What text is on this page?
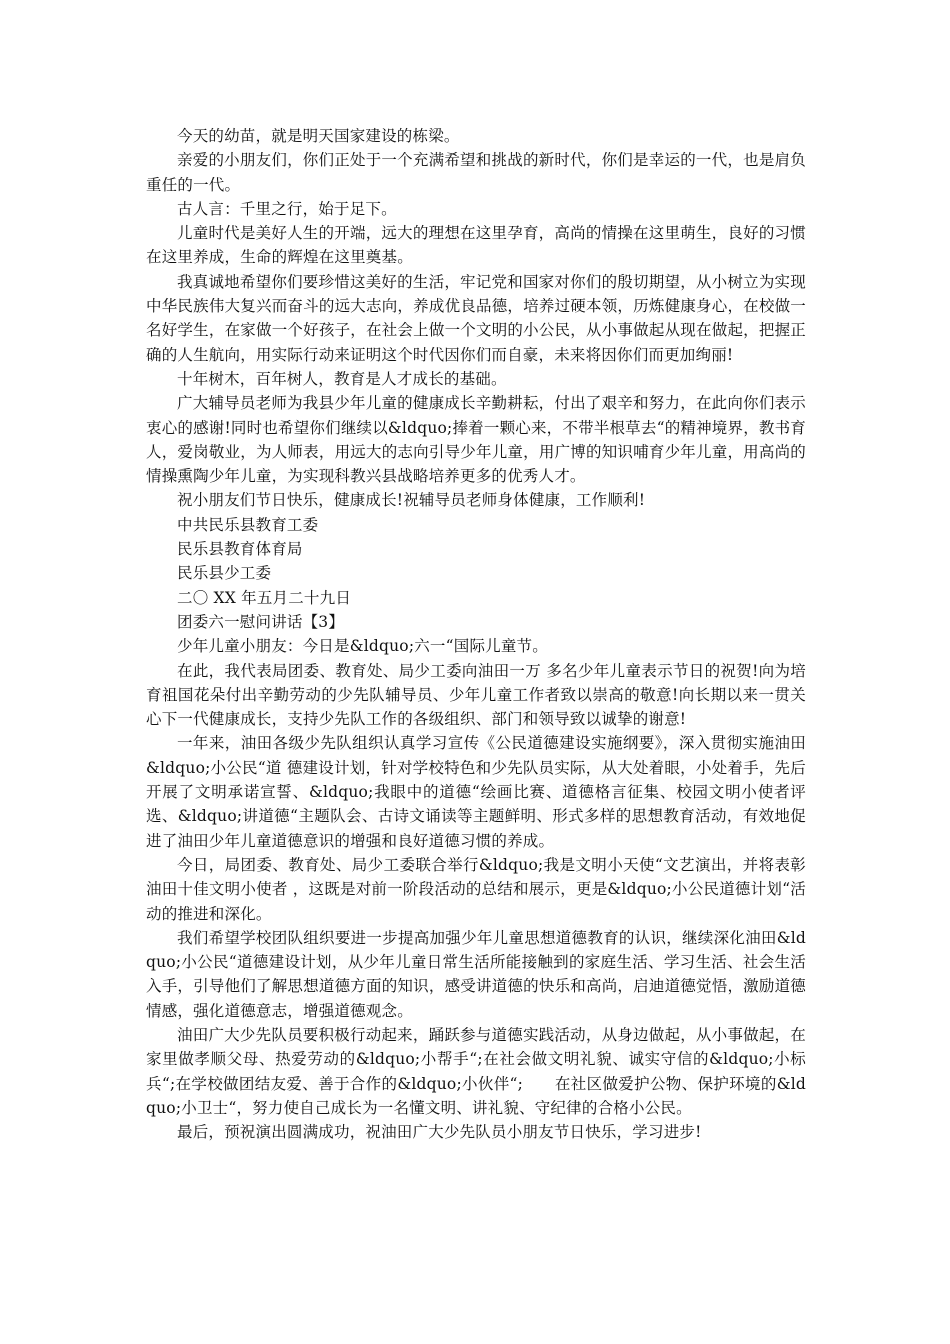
今天的幼苗，就是明天国家建设的栋梁。

亲爱的小朋友们，你们正处于一个充满希望和挑战的新时代，你们是幸运的一代，也是肩负重任的一代。

古人言：千里之行，始于足下。

儿童时代是美好人生的开端，远大的理想在这里孕育，高尚的情操在这里萌生，良好的习惯在这里养成，生命的辉煌在这里奠基。

我真诚地希望你们要珍惜这美好的生活，牢记党和国家对你们的殷切期望，从小树立为实现中华民族伟大复兴而奋斗的远大志向，养成优良品德，培养过硬本领，历炼健康身心，在校做一名好学生，在家做一个好孩子，在社会上做一个文明的小公民，从小事做起从现在做起，把握正确的人生航向，用实际行动来证明这个时代因你们而自豪，未来将因你们而更加绚丽!

十年树木，百年树人，教育是人才成长的基础。

广大辅导员老师为我县少年儿童的健康成长辛勤耕耘，付出了艰辛和努力，在此向你们表示衷心的感谢!同时也希望你们继续以&ldquo;捧着一颗心来，不带半根草去“的精神境界，教书育人，爱岗敬业，为人师表，用远大的志向引导少年儿童，用广博的知识哺育少年儿童，用高尚的情操熏陶少年儿童，为实现科教兴县战略培养更多的优秀人才。

祝小朋友们节日快乐，健康成长!祝辅导员老师身体健康，工作顺利!

中共民乐县教育工委

民乐县教育体育局

民乐县少工委

二〇 XX 年五月二十九日

团委六一慰问讲话【3】

少年儿童小朋友：今日是&ldquo;六一“国际儿童节。

在此，我代表局团委、教育处、局少工委向油田一万 多名少年儿童表示节日的祝贺!向为培育祖国花朵付出辛勤劳动的少先队辅导员、少年儿童工作者致以崇高的敬意!向长期以来一贯关心下一代健康成长，支持少先队工作的各级组织、部门和领导致以诚挚的谢意!

一年来，油田各级少先队组织认真学习宣传《公民道德建设实施纲要》，深入贯彻实施油田&ldquo;小公民“道 德建设计划，针对学校特色和少先队员实际，从大处着眼，小处着手，先后开展了文明承诺宣誓、&ldquo;我眼中的道德“绘画比赛、道德格言征集、校园文明小使者评选、&ldquo;讲道德“主题队会、古诗文诵读等主题鲜明、形式多样的思想教育活动，有效地促进了油田少年儿童道德意识的增强和良好道德习惯的养成。

今日，局团委、教育处、局少工委联合举行&ldquo;我是文明小天使“文艺演出，并将表彰油田十佳文明小使者 ，这既是对前一阶段活动的总结和展示，更是&ldquo;小公民道德计划“活动的推进和深化。

我们希望学校团队组织要进一步提高加强少年儿童思想道德教育的认识，继续深化油田&ldquo;小公民“道德建设计划，从少年儿童日常生活所能接触到的家庭生活、学习生活、社会生活入手，引导他们了解思想道德方面的知识，感受讲道德的快乐和高尚，启迪道德觉悟，激励道德情感，强化道德意志，增强道德观念。

油田广大少先队员要积极行动起来，踊跃参与道德实践活动，从身边做起，从小事做起，在家里做孝顺父母、热爱劳动的&ldquo;小帮手“;在社会做文明礼貌、诚实守信的&ldquo;小标兵“;在学校做团结友爱、善于合作的&ldquo;小伙伴“;　　在社区做爱护公物、保护环境的&ldquo;小卫士“，努力使自己成长为一名懂文明、讲礼貌、守纪律的合格小公民。

最后，预祝演出圆满成功，祝油田广大少先队员小朋友节日快乐，学习进步!
